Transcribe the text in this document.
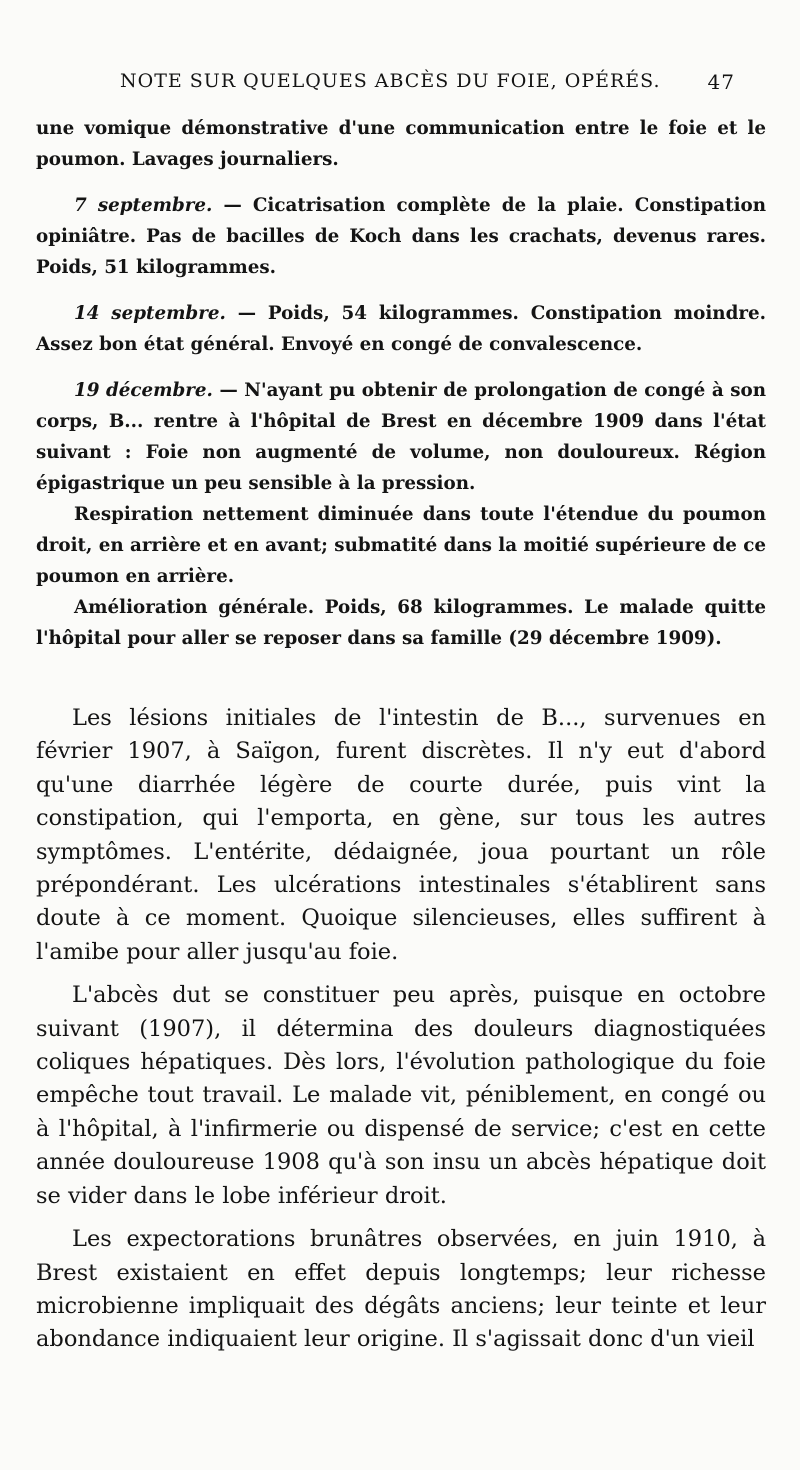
NOTE SUR QUELQUES ABCÈS DU FOIE, OPÉRÉS. 47

une vomique démonstrative d'une communication entre le foie et le poumon. Lavages journaliers.

7 septembre. — Cicatrisation complète de la plaie. Constipation opiniâtre. Pas de bacilles de Koch dans les crachats, devenus rares. Poids, 51 kilogrammes.

14 septembre. — Poids, 54 kilogrammes. Constipation moindre. Assez bon état général. Envoyé en congé de convalescence.

19 décembre. — N'ayant pu obtenir de prolongation de congé à son corps, B... rentre à l'hôpital de Brest en décembre 1909 dans l'état suivant : Foie non augmenté de volume, non douloureux. Région épigastrique un peu sensible à la pression.

Respiration nettement diminuée dans toute l'étendue du poumon droit, en arrière et en avant; submatité dans la moitié supérieure de ce poumon en arrière.

Amélioration générale. Poids, 68 kilogrammes. Le malade quitte l'hôpital pour aller se reposer dans sa famille (29 décembre 1909).

Les lésions initiales de l'intestin de B..., survenues en février 1907, à Saïgon, furent discrètes. Il n'y eut d'abord qu'une diarrhée légère de courte durée, puis vint la constipation, qui l'emporta, en gène, sur tous les autres symptômes. L'entérite, dédaignée, joua pourtant un rôle prépondérant. Les ulcérations intestinales s'établirent sans doute à ce moment. Quoique silencieuses, elles suffirent à l'amibe pour aller jusqu'au foie.

L'abcès dut se constituer peu après, puisque en octobre suivant (1907), il détermina des douleurs diagnostiquées coliques hépatiques. Dès lors, l'évolution pathologique du foie empêche tout travail. Le malade vit, péniblement, en congé ou à l'hôpital, à l'infirmerie ou dispensé de service; c'est en cette année douloureuse 1908 qu'à son insu un abcès hépatique doit se vider dans le lobe inférieur droit.

Les expectorations brunâtres observées, en juin 1910, à Brest existaient en effet depuis longtemps; leur richesse microbienne impliquait des dégâts anciens; leur teinte et leur abondance indiquaient leur origine. Il s'agissait donc d'un vieil
